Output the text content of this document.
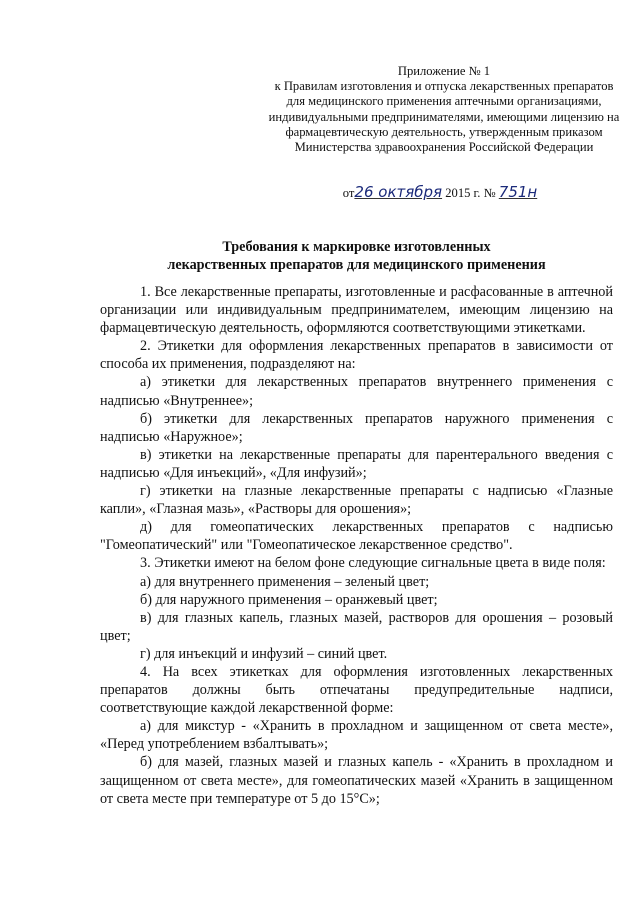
Приложение № 1
к Правилам изготовления и отпуска лекарственных препаратов для медицинского применения аптечными организациями, индивидуальными предпринимателями, имеющими лицензию на фармацевтическую деятельность, утвержденным приказом Министерства здравоохранения Российской Федерации
от26 октября 2015 г. № 751н
Требования к маркировке изготовленных
лекарственных препаратов для медицинского применения

1. Все лекарственные препараты, изготовленные и расфасованные в аптечной организации или индивидуальным предпринимателем, имеющим лицензию на фармацевтическую деятельность, оформляются соответствующими этикетками.

2. Этикетки для оформления лекарственных препаратов в зависимости от способа их применения, подразделяют на:

а) этикетки для лекарственных препаратов внутреннего применения с надписью «Внутреннее»;

б) этикетки для лекарственных препаратов наружного применения с надписью «Наружное»;

в) этикетки на лекарственные препараты для парентерального введения с надписью «Для инъекций», «Для инфузий»;

г) этикетки на глазные лекарственные препараты с надписью «Глазные капли», «Глазная мазь», «Растворы для орошения»;

д) для гомеопатических лекарственных препаратов с надписью "Гомеопатический" или "Гомеопатическое лекарственное средство".

3. Этикетки имеют на белом фоне следующие сигнальные цвета в виде поля:

а) для внутреннего применения – зеленый цвет;

б) для наружного применения – оранжевый цвет;

в) для глазных капель, глазных мазей, растворов для орошения – розовый цвет;

г) для инъекций и инфузий – синий цвет.

4. На всех этикетках для оформления изготовленных лекарственных препаратов должны быть отпечатаны предупредительные надписи, соответствующие каждой лекарственной форме:

а) для микстур - «Хранить в прохладном и защищенном от света месте», «Перед употреблением взбалтывать»;

б) для мазей, глазных мазей и глазных капель - «Хранить в прохладном и защищенном от света месте», для гомеопатических мазей «Хранить в защищенном от света месте при температуре от 5 до 15°С»;
